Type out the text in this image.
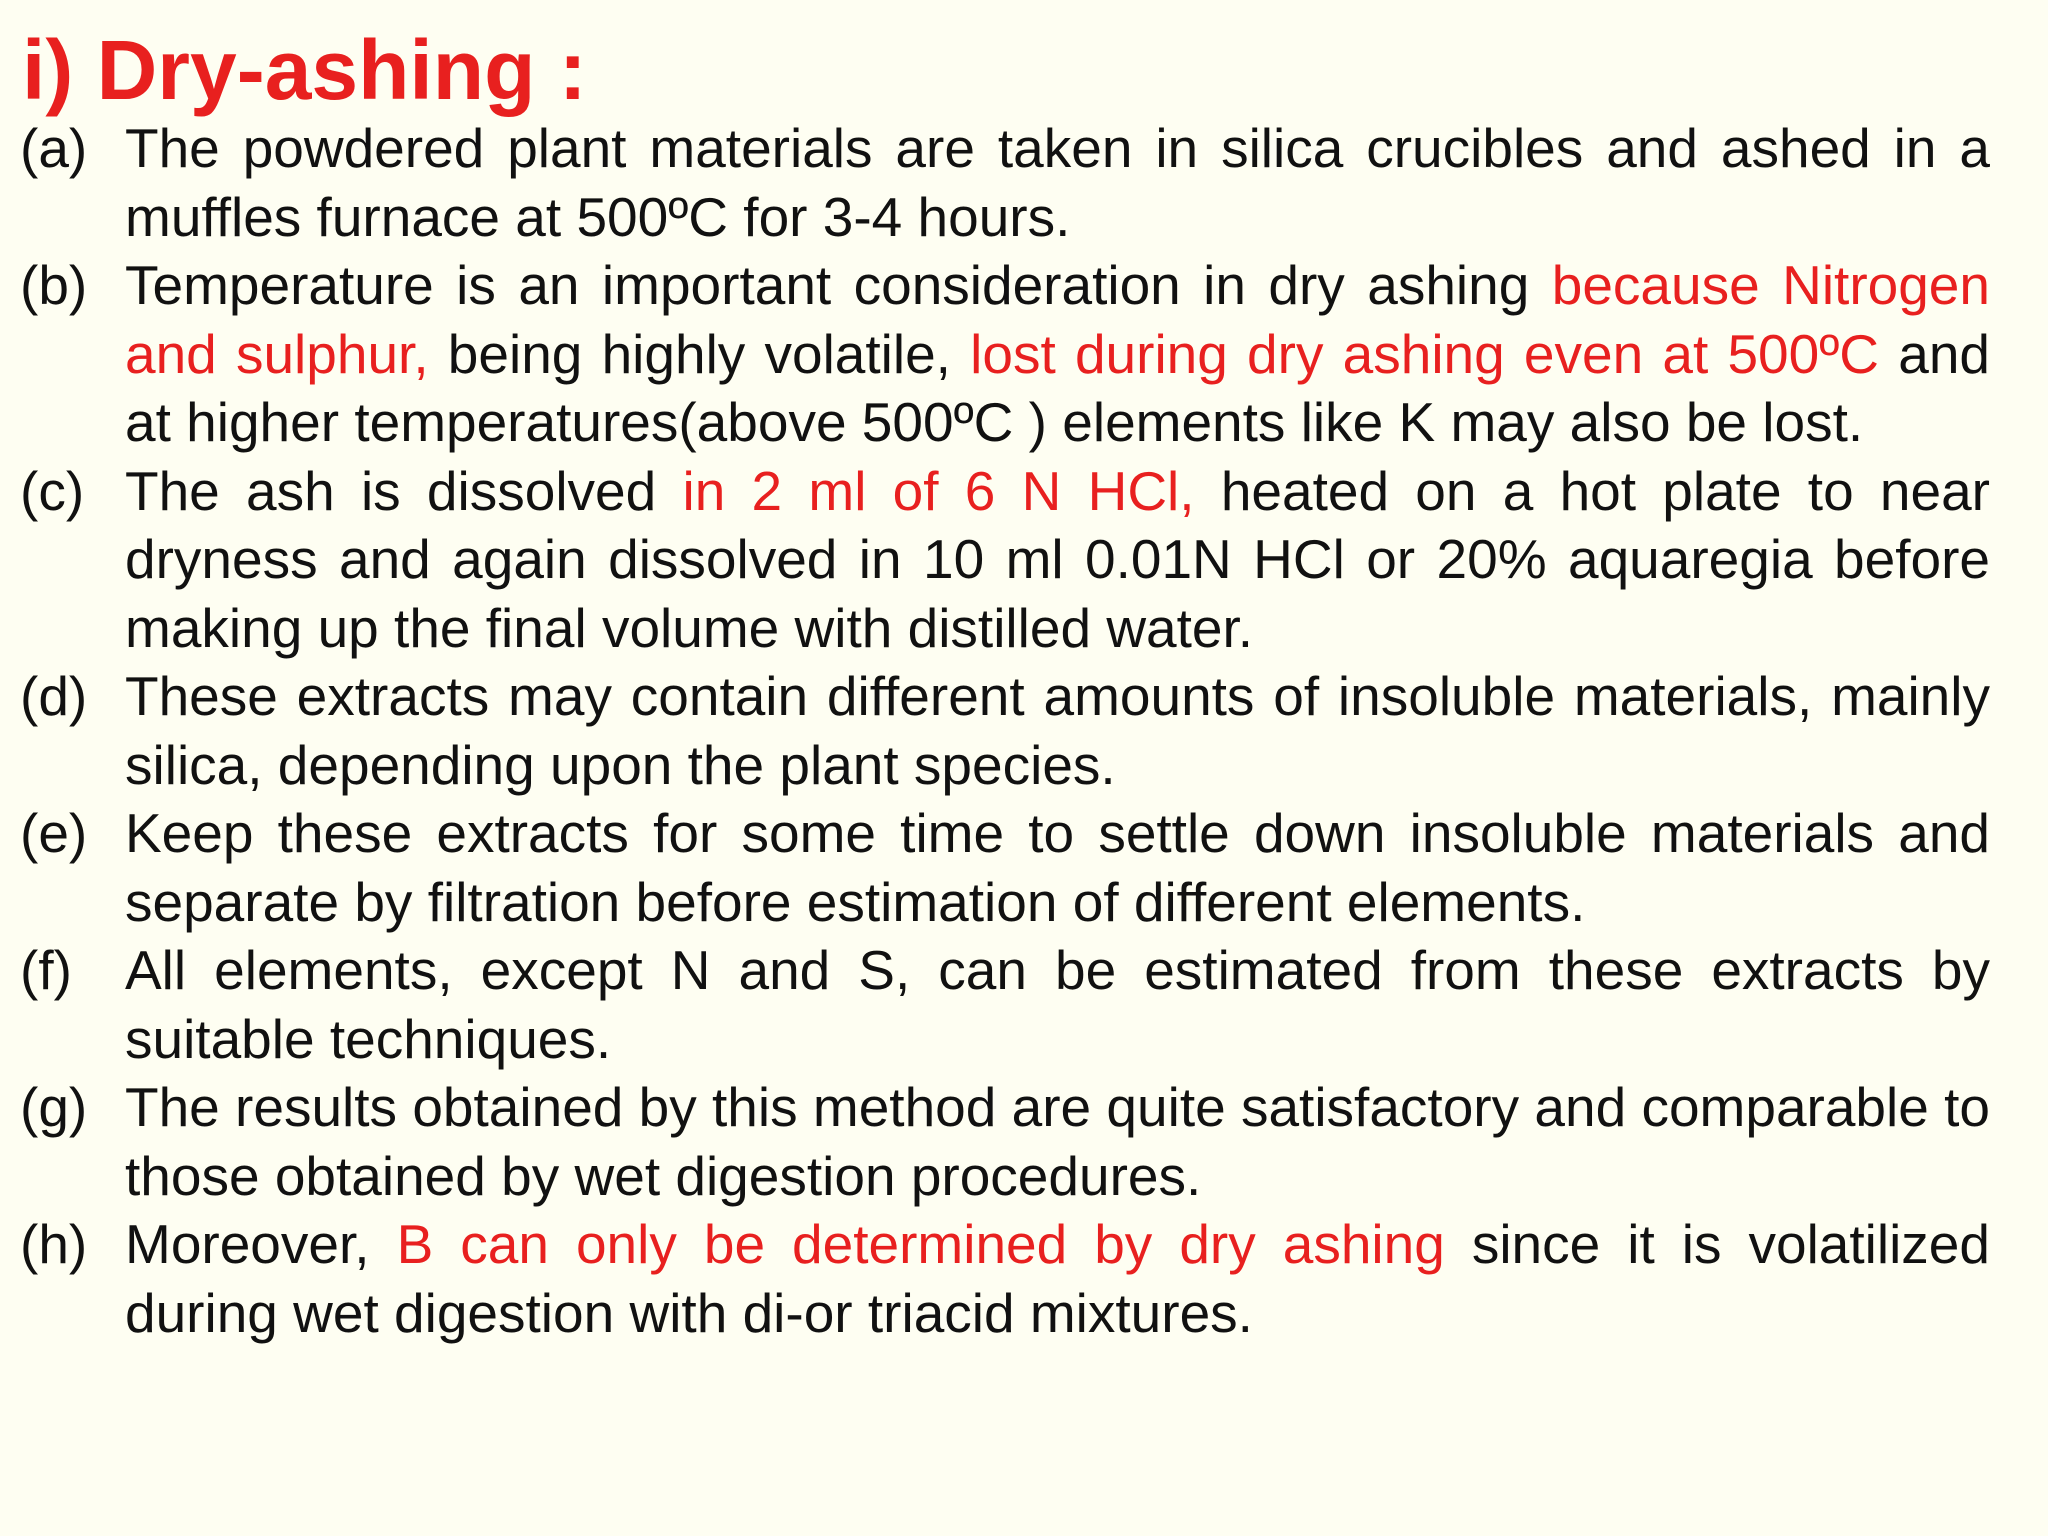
i) Dry-ashing :
(a) The powdered plant materials are taken in silica crucibles and ashed in a muffles furnace at 500ºC for 3-4 hours.
(b) Temperature is an important consideration in dry ashing because Nitrogen and sulphur, being highly volatile, lost during dry ashing even at 500ºC and at higher temperatures(above 500ºC ) elements like K may also be lost.
(c) The ash is dissolved in 2 ml of 6 N HCl, heated on a hot plate to near dryness and again dissolved in 10 ml 0.01N HCl or 20% aquaregia before making up the final volume with distilled water.
(d) These extracts may contain different amounts of insoluble materials, mainly silica, depending upon the plant species.
(e) Keep these extracts for some time to settle down insoluble materials and separate by filtration before estimation of different elements.
(f) All elements, except N and S, can be estimated from these extracts by suitable techniques.
(g) The results obtained by this method are quite satisfactory and comparable to those obtained by wet digestion procedures.
(h) Moreover, B can only be determined by dry ashing since it is volatilized during wet digestion with di-or triacid mixtures.
